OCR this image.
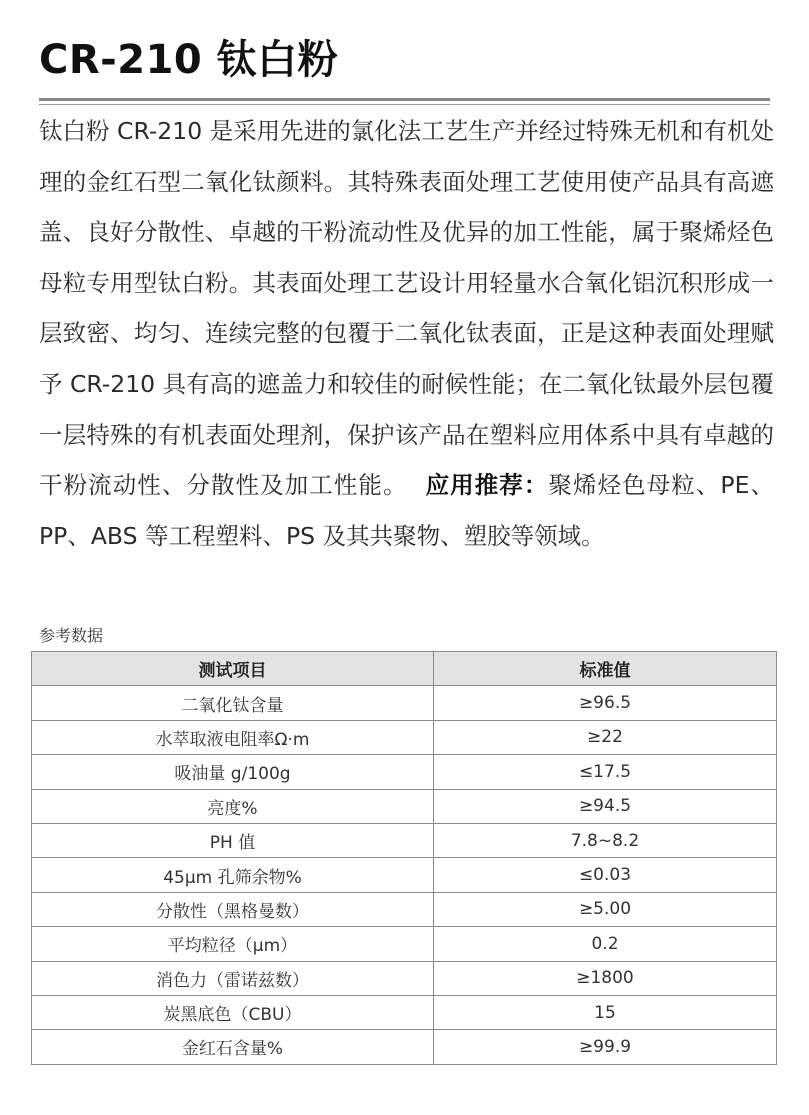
CR-210 钛白粉

钛白粉 CR-210 是采用先进的氯化法工艺生产并经过特殊无机和有机处理的金红石型二氧化钛颜料。其特殊表面处理工艺使用使产品具有高遮盖、良好分散性、卓越的干粉流动性及优异的加工性能，属于聚烯烃色母粒专用型钛白粉。其表面处理工艺设计用轻量水合氧化铝沉积形成一层致密、均匀、连续完整的包覆于二氧化钛表面，正是这种表面处理赋予 CR-210 具有高的遮盖力和较佳的耐候性能；在二氧化钛最外层包覆一层特殊的有机表面处理剂，保护该产品在塑料应用体系中具有卓越的干粉流动性、分散性及加工性能。 应用推荐：聚烯烃色母粒、PE、PP、ABS 等工程塑料、PS 及其共聚物、塑胶等领域。

参考数据

测试项目	标准值
二氧化钛含量	≥96.5
水萃取液电阻率Ω·m	≥22
吸油量 g/100g	≤17.5
亮度%	≥94.5
PH 值	7.8~8.2
45μm 孔筛余物%	≤0.03
分散性（黑格曼数）	≥5.00
平均粒径（μm）	0.2
消色力（雷诺兹数）	≥1800
炭黑底色（CBU）	15
金红石含量%	≥99.9
